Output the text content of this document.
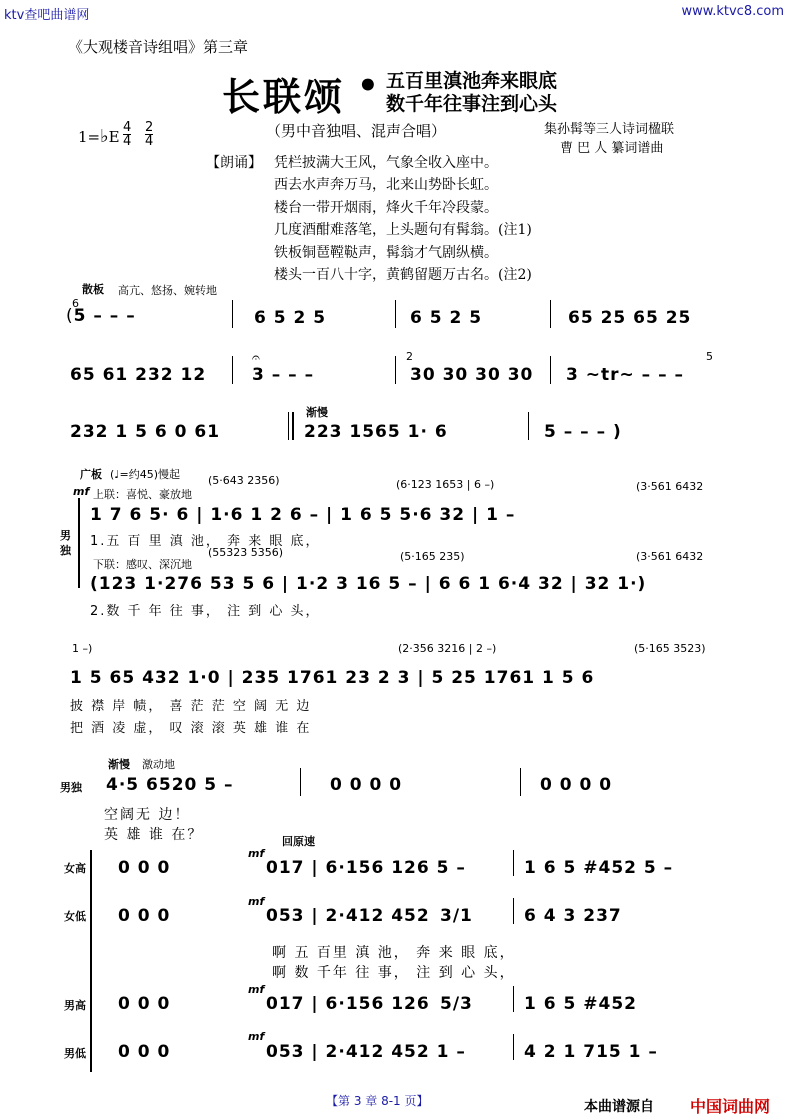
ktv查吧曲谱网	www.ktvc8.com
《大观楼音诗组唱》第三章
长联颂 • 五百里滇池奔来眼底
数千年往事注到心头
1=♭E $\frac{4}{4} \frac{2}{4}$	（男中音独唱、混声合唱）	集孙髯等三人诗词楹联
曹 巴 人 纂词谱曲
【朗诵】 凭栏披满大王风，气象全收入座中。
西去水声奔万马，北来山势卧长虹。
楼台一带开烟雨，烽火千年冷段蒙。
几度酒酣难落笔，上头题句有髯翁。(注1)
铁板铜琶鞺鞑声，髯翁才气剧纵横。
楼头一百八十字，黄鹤留题万古名。(注2)
散板 高亢、悠扬、婉转地
6
(5 – – –	6 5 2 5	6 5 2 5	65 25 65 25
65 61 232 12
𝄐
3 – – –
2
30 30 30 30 3 ~tr~ – – –
5
232 1 5 6 0 61
渐慢
223 1565 1· 6	5 – – – )
广板 (♩=约45)慢起
mf 上联：喜悦、豪放地
(5·643 2356)	(6·123 1653 | 6 –)	(3·561 6432
男独
1 7 6 5· 6 | 1·6 1 2 6 – | 1 6 5 5·6 32 | 1 –
1.五 百 里 滇 池， 奔 来 眼 底，
下联：感叹、深沉地
(55323 5356)	(5·165 235)	(3·561 6432
(123 1·276 53 5 6 | 1·2 3 16 5 – | 6 6 1 6·4 32 | 32 1·)
2.数 千 年 往 事， 注 到 心 头，
1 –)	(2·356 3216 | 2 –)	(5·165 3523)
1 5 65 432 1·0 | 235 1761 23 2 3 | 5 25 1761 1 5 6
披 襟 岸 帻， 喜 茫 茫 空 阔 无 边
把 酒 凌 虚， 叹 滚 滚 英 雄 谁 在
渐慢 激动地
男独 4·5 6520 5 –	0 0 0 0	0 0 0 0
空阔无 边！
英 雄 谁 在？	回原速
女高
mf
0 0 0	017 | 6·156 126 5 –	1 6 5 #452 5 –
女低
mf
0 0 0	053 | 2·412 452 3/1	6 4 3 237
啊 五 百里 滇 池， 奔 来 眼 底，
啊 数 千年 往 事， 注 到 心 头，
男高
mf
0 0 0	017 | 6·156 126 5/3	1 6 5 #452
男低
mf
0 0 0	053 | 2·412 452 1 –	4 2 1 715 1 –
【第 3 章 8-1 页】	本曲谱源自 中国词曲网
